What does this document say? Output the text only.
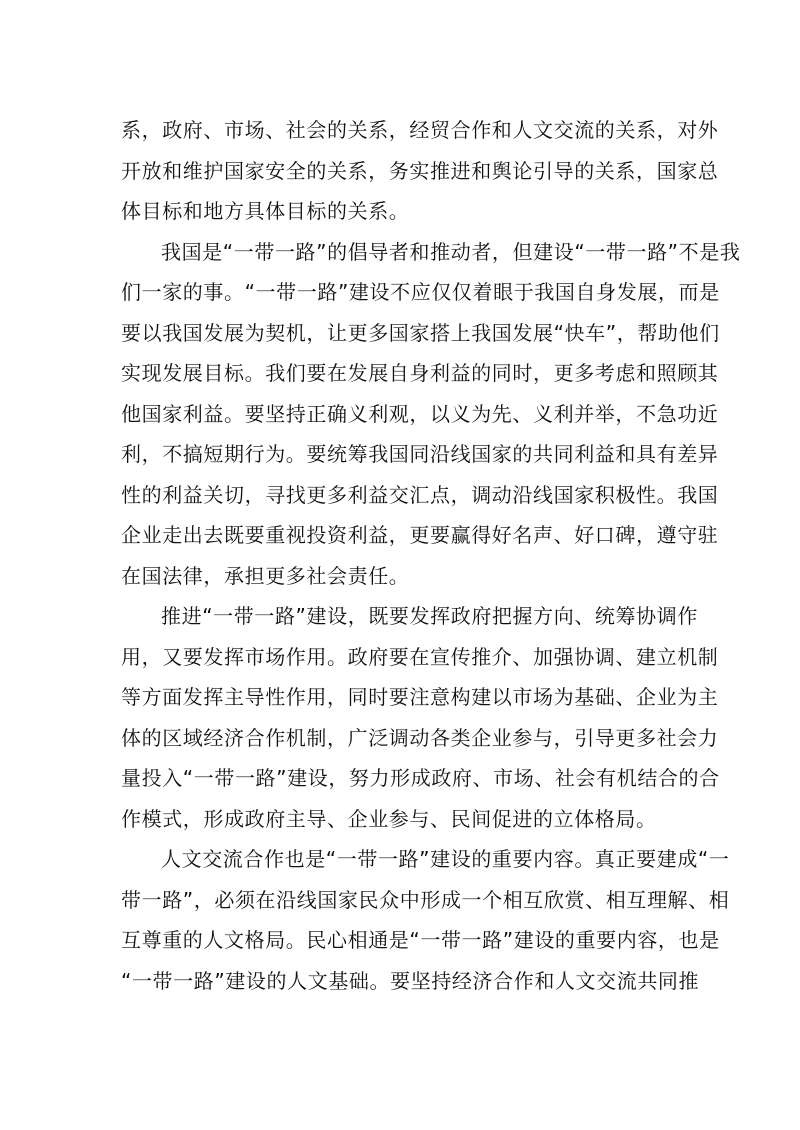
系，政府、市场、社会的关系，经贸合作和人文交流的关系，对外
开放和维护国家安全的关系，务实推进和舆论引导的关系，国家总
体目标和地方具体目标的关系。
我国是“一带一路”的倡导者和推动者，但建设“一带一路”不是我
们一家的事。“一带一路”建设不应仅仅着眼于我国自身发展，而是
要以我国发展为契机，让更多国家搭上我国发展“快车”，帮助他们
实现发展目标。我们要在发展自身利益的同时，更多考虑和照顾其
他国家利益。要坚持正确义利观，以义为先、义利并举，不急功近
利，不搞短期行为。要统筹我国同沿线国家的共同利益和具有差异
性的利益关切，寻找更多利益交汇点，调动沿线国家积极性。我国
企业走出去既要重视投资利益，更要赢得好名声、好口碑，遵守驻
在国法律，承担更多社会责任。
推进“一带一路”建设，既要发挥政府把握方向、统筹协调作
用，又要发挥市场作用。政府要在宣传推介、加强协调、建立机制
等方面发挥主导性作用，同时要注意构建以市场为基础、企业为主
体的区域经济合作机制，广泛调动各类企业参与，引导更多社会力
量投入“一带一路”建设，努力形成政府、市场、社会有机结合的合
作模式，形成政府主导、企业参与、民间促进的立体格局。
人文交流合作也是“一带一路”建设的重要内容。真正要建成“一
带一路”，必须在沿线国家民众中形成一个相互欣赏、相互理解、相
互尊重的人文格局。民心相通是“一带一路”建设的重要内容，也是
“一带一路”建设的人文基础。要坚持经济合作和人文交流共同推
